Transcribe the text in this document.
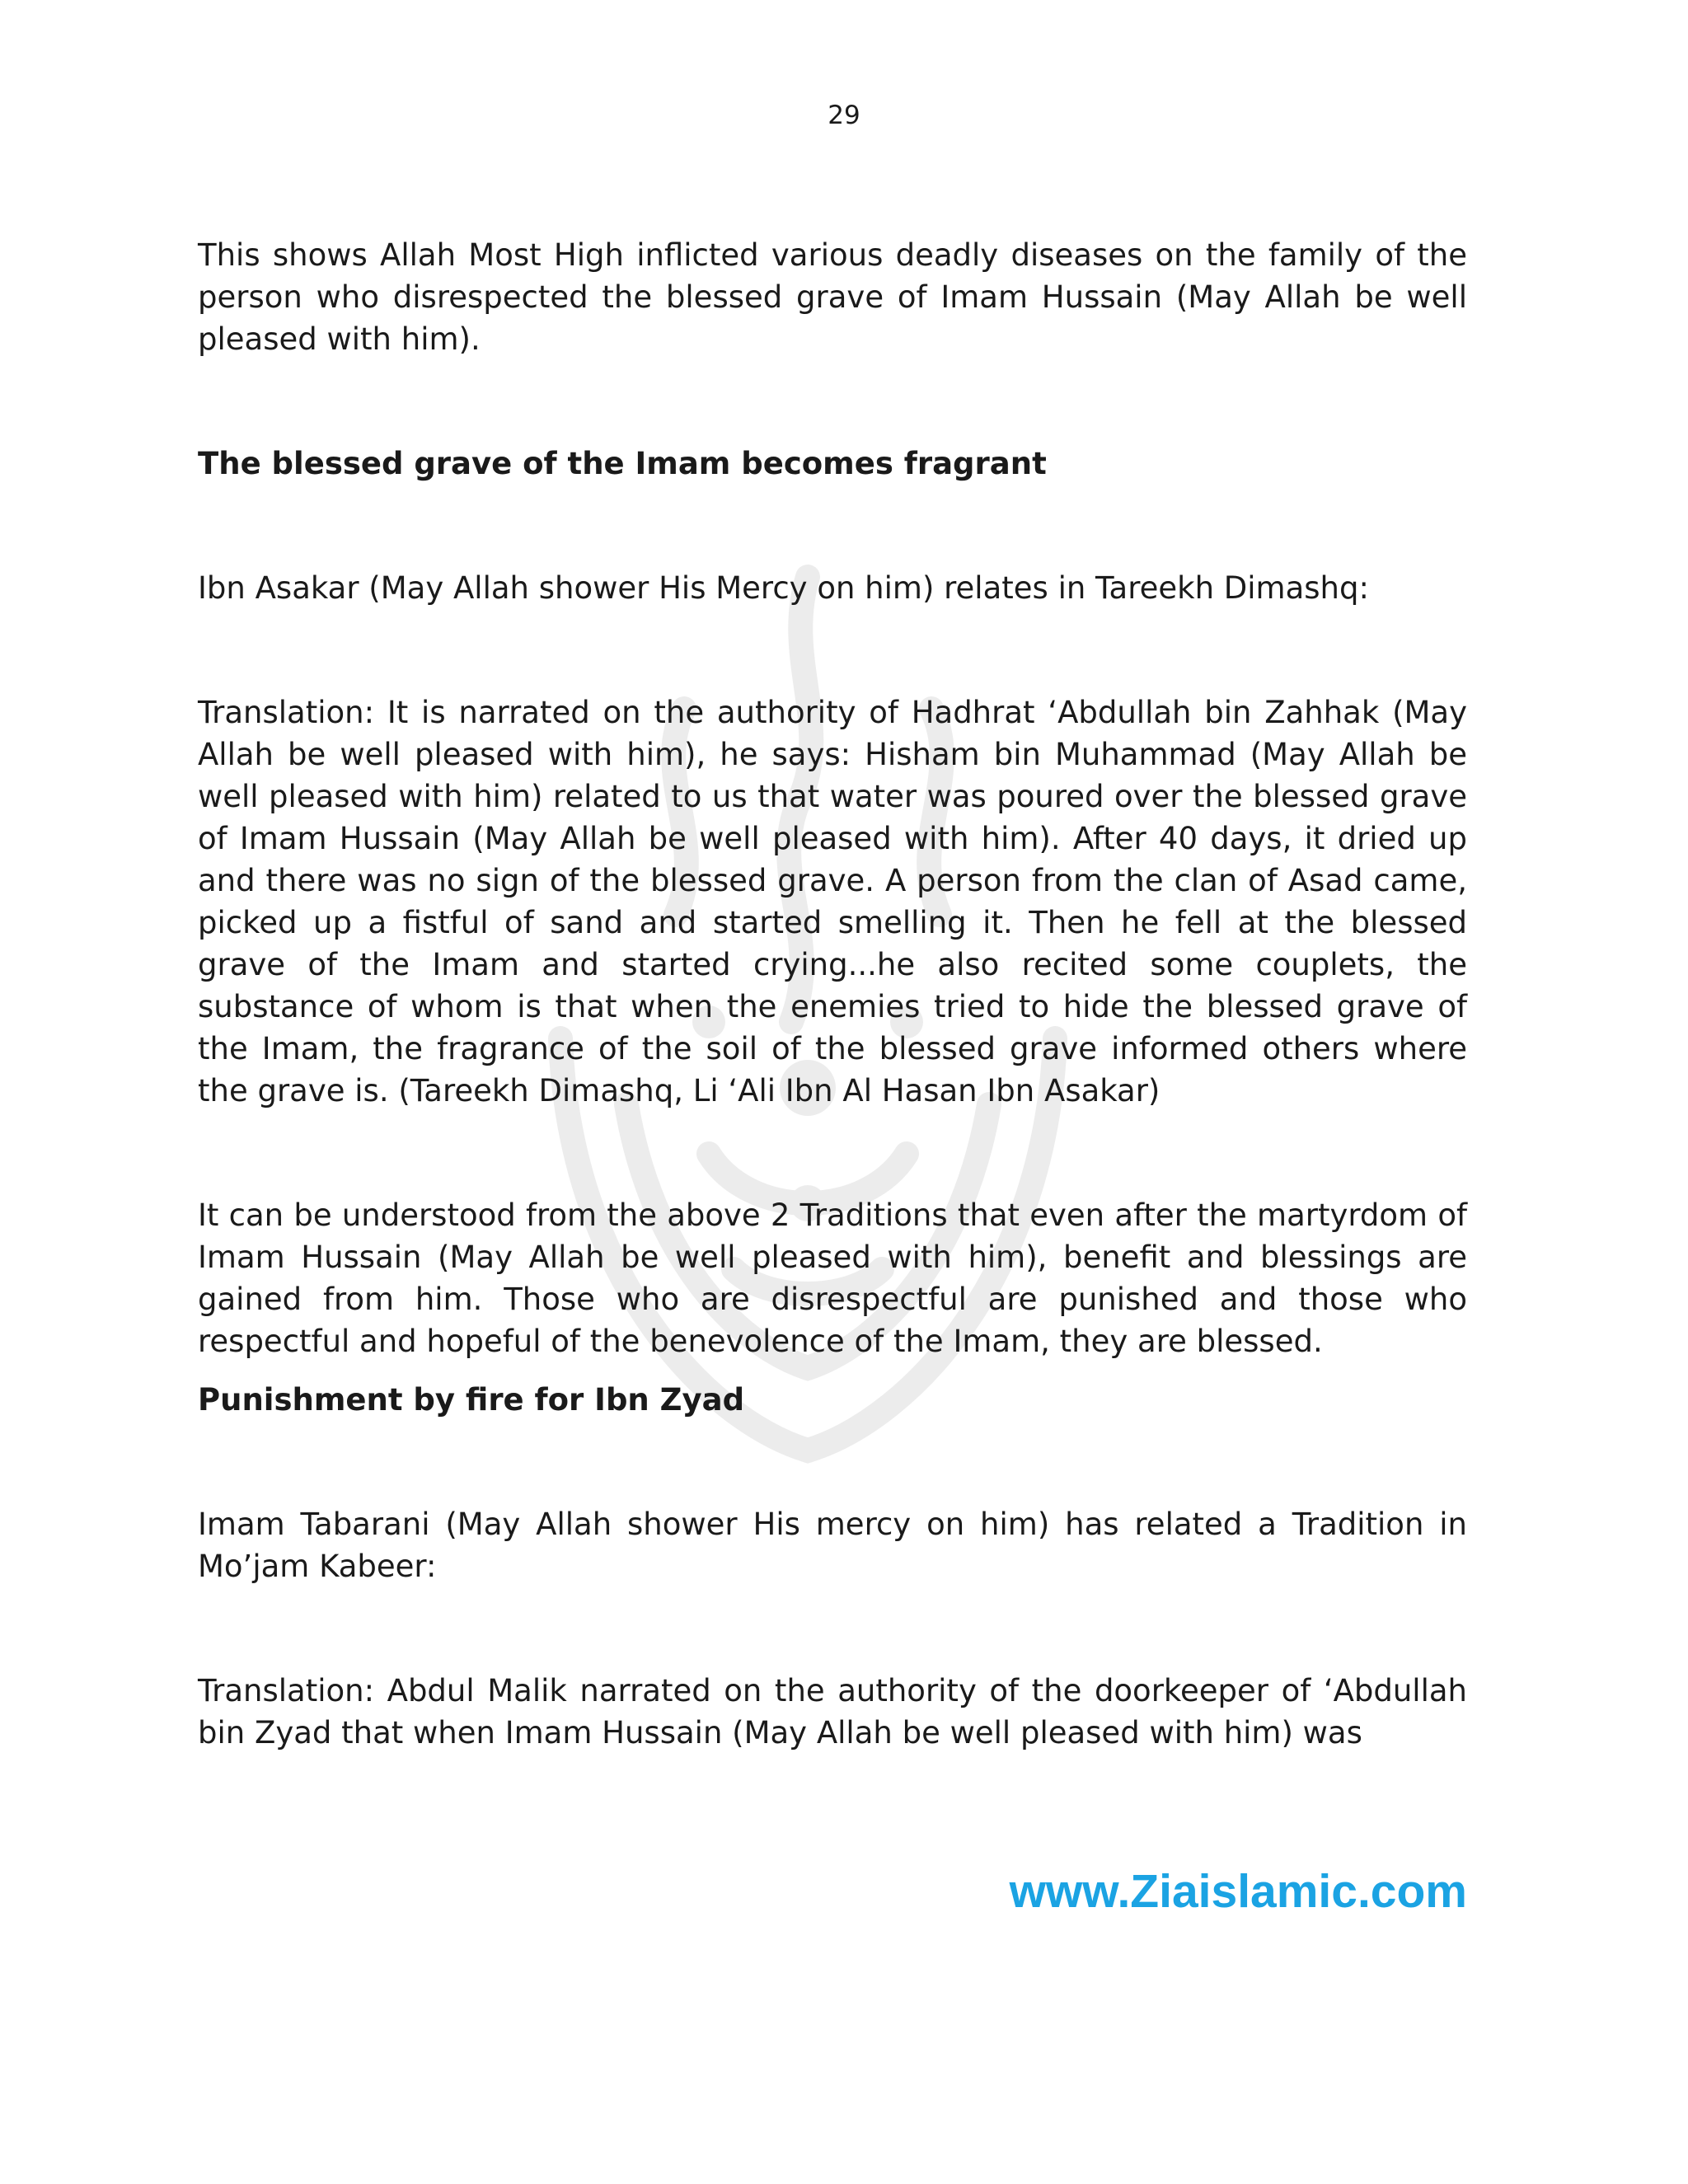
29

This shows Allah Most High inflicted various deadly diseases on the family of the person who disrespected the blessed grave of Imam Hussain (May Allah be well pleased with him).

The blessed grave of the Imam becomes fragrant

Ibn Asakar (May Allah shower His Mercy on him) relates in Tareekh Dimashq:

Translation: It is narrated on the authority of Hadhrat ‘Abdullah bin Zahhak (May Allah be well pleased with him), he says: Hisham bin Muhammad (May Allah be well pleased with him) related to us that water was poured over the blessed grave of Imam Hussain (May Allah be well pleased with him). After 40 days, it dried up and there was no sign of the blessed grave. A person from the clan of Asad came, picked up a fistful of sand and started smelling it. Then he fell at the blessed grave of the Imam and started crying...he also recited some couplets, the substance of whom is that when the enemies tried to hide the blessed grave of the Imam, the fragrance of the soil of the blessed grave informed others where the grave is. (Tareekh Dimashq, Li ‘Ali Ibn Al Hasan Ibn Asakar)

It can be understood from the above 2 Traditions that even after the martyrdom of Imam Hussain (May Allah be well pleased with him), benefit and blessings are gained from him. Those who are disrespectful are punished and those who respectful and hopeful of the benevolence of the Imam, they are blessed.

Punishment by fire for Ibn Zyad

Imam Tabarani (May Allah shower His mercy on him) has related a Tradition in Mo’jam Kabeer:

Translation: Abdul Malik narrated on the authority of the doorkeeper of ‘Abdullah bin Zyad that when Imam Hussain (May Allah be well pleased with him) was

www.Ziaislamic.com
